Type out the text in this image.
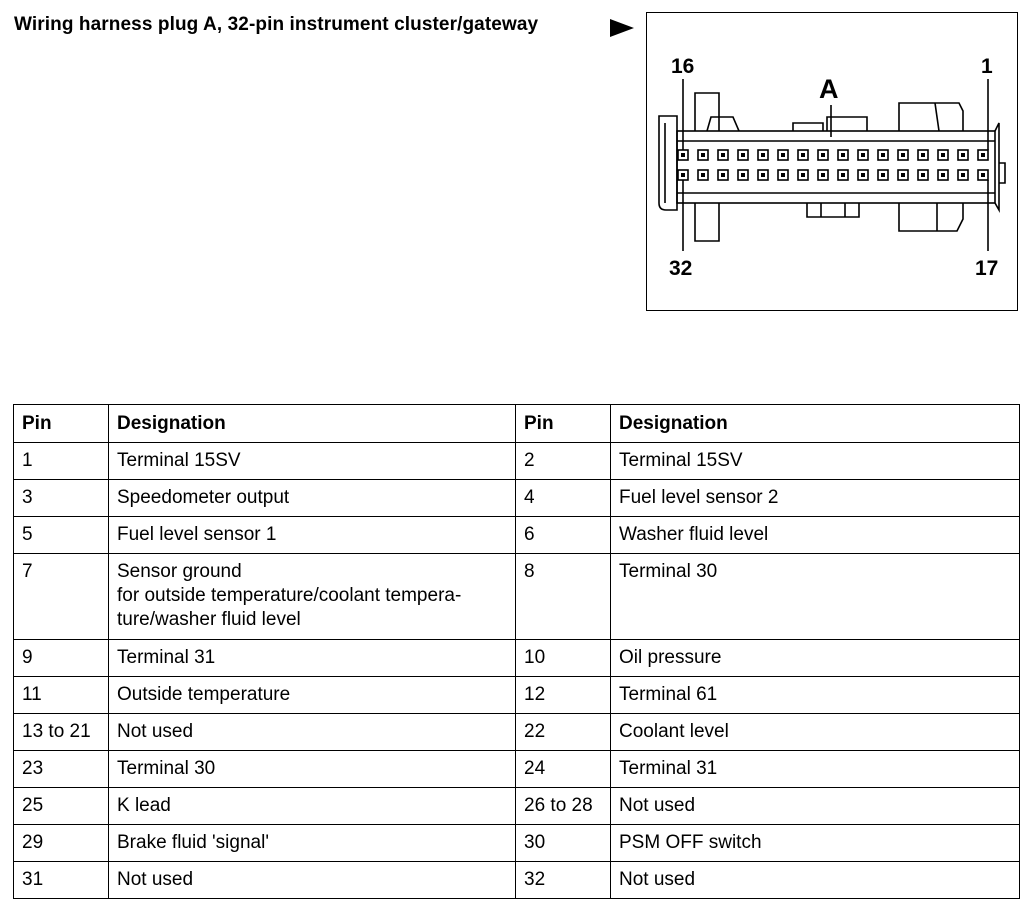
Wiring harness plug A, 32-pin instrument cluster/gateway
16	1
32	17
A
Pin	Designation	Pin	Designation
1	Terminal 15SV	2	Terminal 15SV
3	Speedometer output	4	Fuel level sensor 2
5	Fuel level sensor 1	6	Washer fluid level
7	Sensor ground
for outside temperature/coolant tempera-
ture/washer fluid level	8	Terminal 30
9	Terminal 31	10	Oil pressure
11	Outside temperature	12	Terminal 61
13 to 21	Not used	22	Coolant level
23	Terminal 30	24	Terminal 31
25	K lead	26 to 28	Not used
29	Brake fluid 'signal'	30	PSM OFF switch
31	Not used	32	Not used
